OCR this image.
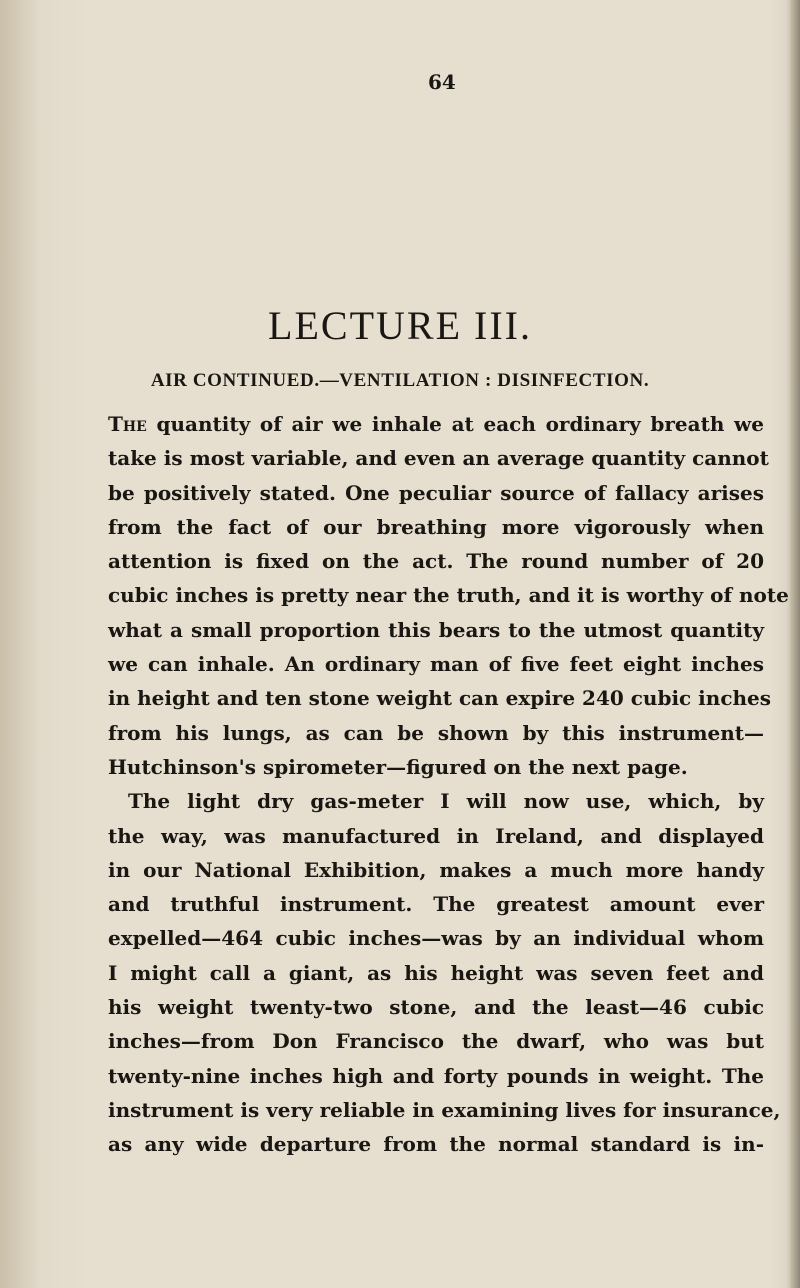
64
LECTURE III.
AIR CONTINUED.—VENTILATION : DISINFECTION.
The quantity of air we inhale at each ordinary breath we
take is most variable, and even an average quantity cannot
be positively stated. One peculiar source of fallacy arises
from the fact of our breathing more vigorously when
attention is fixed on the act. The round number of 20
cubic inches is pretty near the truth, and it is worthy of note
what a small proportion this bears to the utmost quantity
we can inhale. An ordinary man of five feet eight inches
in height and ten stone weight can expire 240 cubic inches
from his lungs, as can be shown by this instrument—
Hutchinson's spirometer—figured on the next page.
The light dry gas-meter I will now use, which, by
the way, was manufactured in Ireland, and displayed
in our National Exhibition, makes a much more handy
and truthful instrument. The greatest amount ever
expelled—464 cubic inches—was by an individual whom
I might call a giant, as his height was seven feet and
his weight twenty-two stone, and the least—46 cubic
inches—from Don Francisco the dwarf, who was but
twenty-nine inches high and forty pounds in weight. The
instrument is very reliable in examining lives for insurance,
as any wide departure from the normal standard is in-
